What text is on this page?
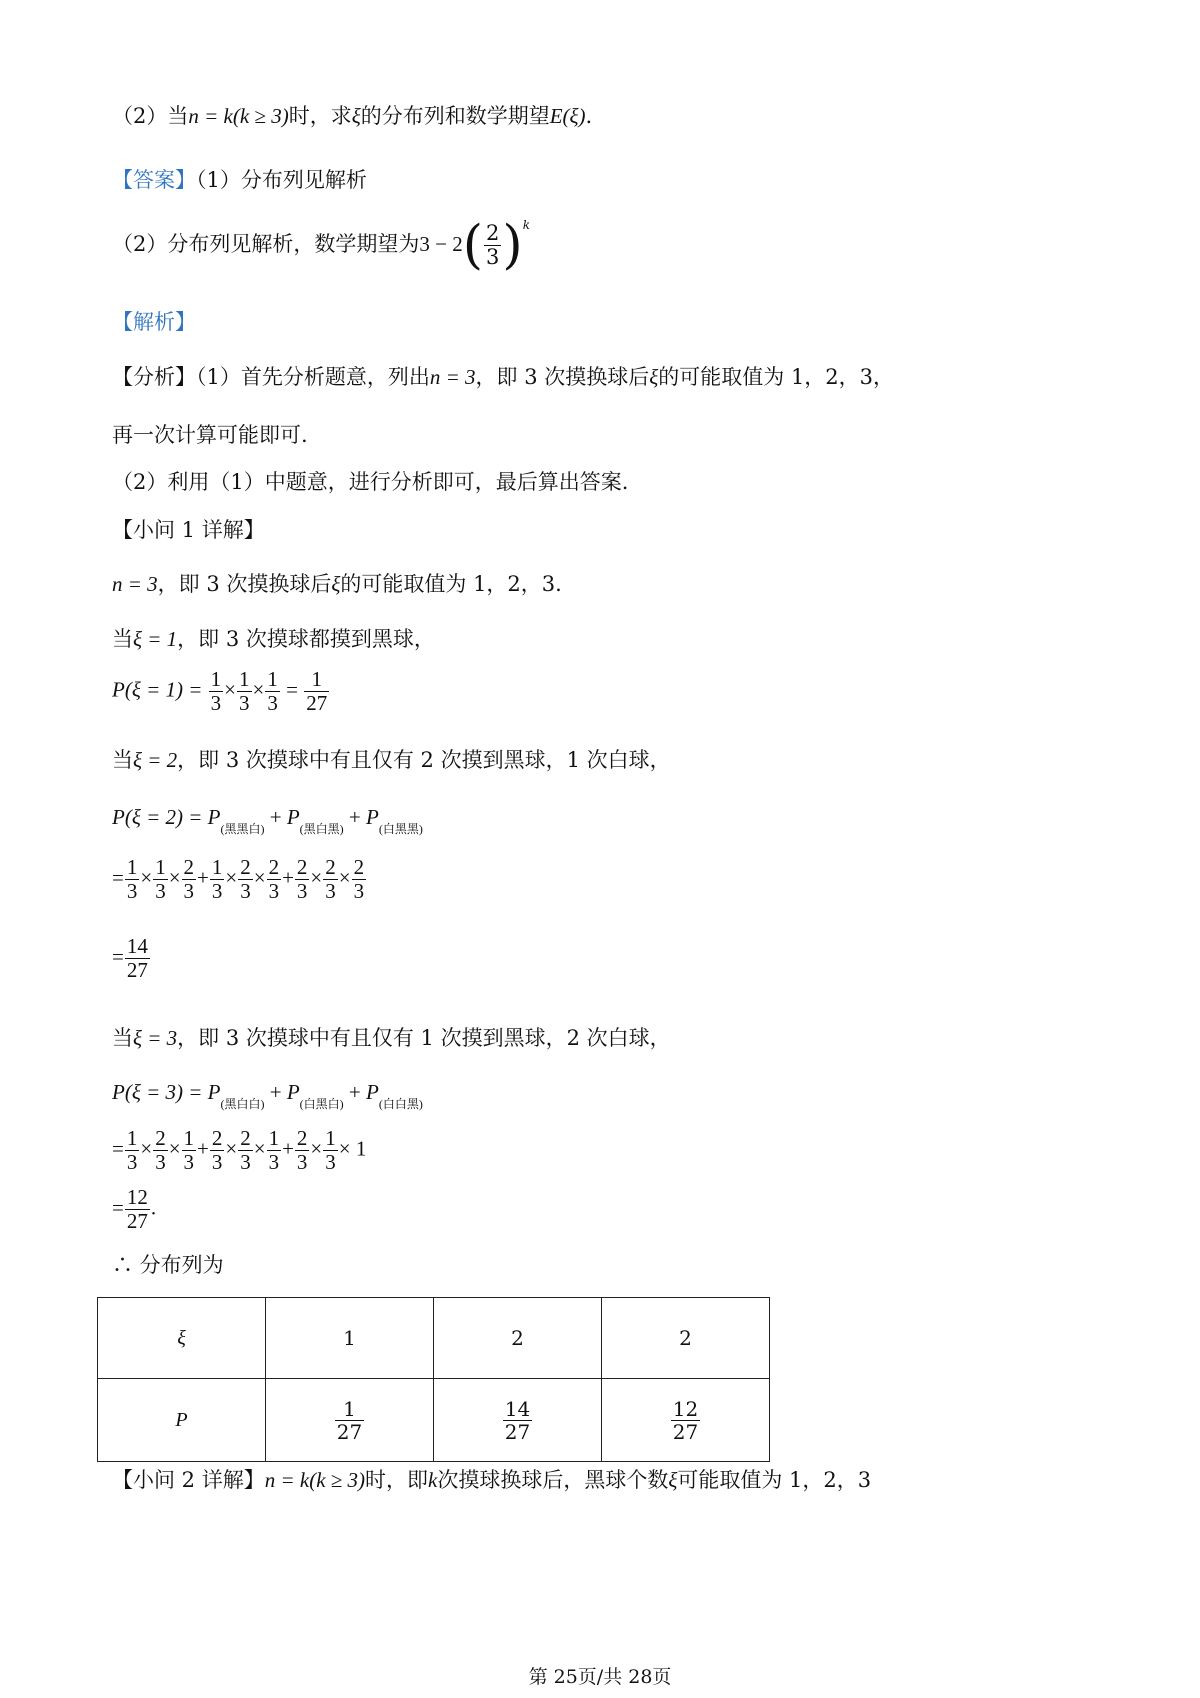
（2）当n = k(k ≥ 3)时，求ξ的分布列和数学期望E(ξ).
【答案】（1）分布列见解析
（2）分布列见解析，数学期望为$3 - 2( \frac{2}{3} )^k$
【解析】
【分析】（1）首先分析题意，列出n = 3，即 3 次摸换球后ξ的可能取值为 1，2，3，
再一次计算可能即可.
（2）利用（1）中题意，进行分析即可，最后算出答案.
【小问 1 详解】
n = 3，即 3 次摸换球后ξ的可能取值为 1，2，3.
当ξ = 1，即 3 次摸球都摸到黑球，
$P(\xi = 1) = \frac{1}{3} \times \frac{1}{3} \times \frac{1}{3} = \frac{1}{27}$
当ξ = 2，即 3 次摸球中有且仅有 2 次摸到黑球，1 次白球，
$P(\xi = 2) = P_{(黑黑白)} + P_{(黑白黑)} + P_{(白黑黑)}$
= $\frac{1}{3} \times \frac{1}{3} \times \frac{2}{3} + \frac{1}{3} \times \frac{2}{3} \times \frac{2}{3} + \frac{2}{3} \times \frac{2}{3} \times \frac{2}{3}$
= $\frac{14}{27}$
当ξ = 3，即 3 次摸球中有且仅有 1 次摸到黑球，2 次白球，
$P(\xi = 3) = P_{(黑白白)} + P_{(白黑白)} + P_{(白白黑)}$
= $\frac{1}{3} \times \frac{2}{3} \times \frac{1}{3} + \frac{2}{3} \times \frac{2}{3} \times \frac{1}{3} + \frac{2}{3} \times \frac{1}{3} \times 1$
= $\frac{12}{27}$ .
∴ 分布列为
ξ	1	2	2
P	$\frac{1}{27}$	$\frac{14}{27}$	$\frac{12}{27}$
【小问 2 详解】n = k(k ≥ 3)时，即k次摸球换球后，黑球个数ξ可能取值为 1，2，3
第 25页/共 28页
